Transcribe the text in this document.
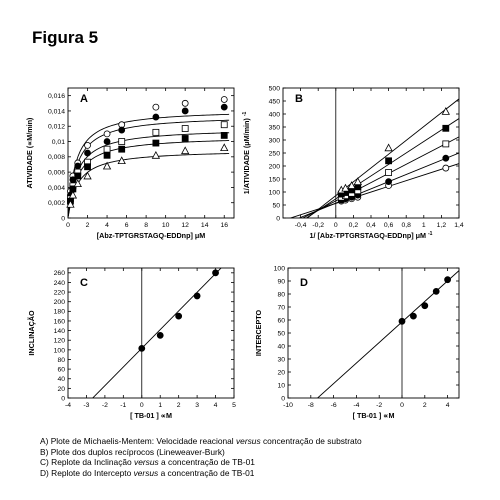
Figura 5
0 2 4 6 8 10 12 14 16
0
0,002
0,004
0,006
0,008
0,01
0,012
0,014
0,016 A
ATIVIDADE (∝M/min)
[Abz-TPTGRSTAGQ-EDDnp] μM
-0,4 -0,2 0 0,2 0,4 0,6 0,8 1 1,2 1,4
0
50
100
150
200
250
300
350
400
450
500
B
1/ATIVIDADE (μM/min) $^{-1}$
1/ [Abz-TPTGRSTAGQ-EDDnp] μM $^{-1}$
-4 -3 -2 -1 0 1 2 3 4 5
0
20
40
60
80
100
120
140
160
180
200
220
240
260
C
INCLINAÇÃO
[ TB-01 ] ∝M
-10 -8 -6 -4 -2	0	2	4
0
10
20
30
40
50
60
70
80
90
100
D
INTERCEPTO
[ TB-01 ] ∝M
A) Plote de Michaelis-Mentem: Velocidade reacional versus concentração de substrato
B) Plote dos duplos recíprocos (Lineweaver-Burk)
C) Replote da Inclinação versus a concentração de TB-01
D) Replote do Intercepto versus a concentração de TB-01
